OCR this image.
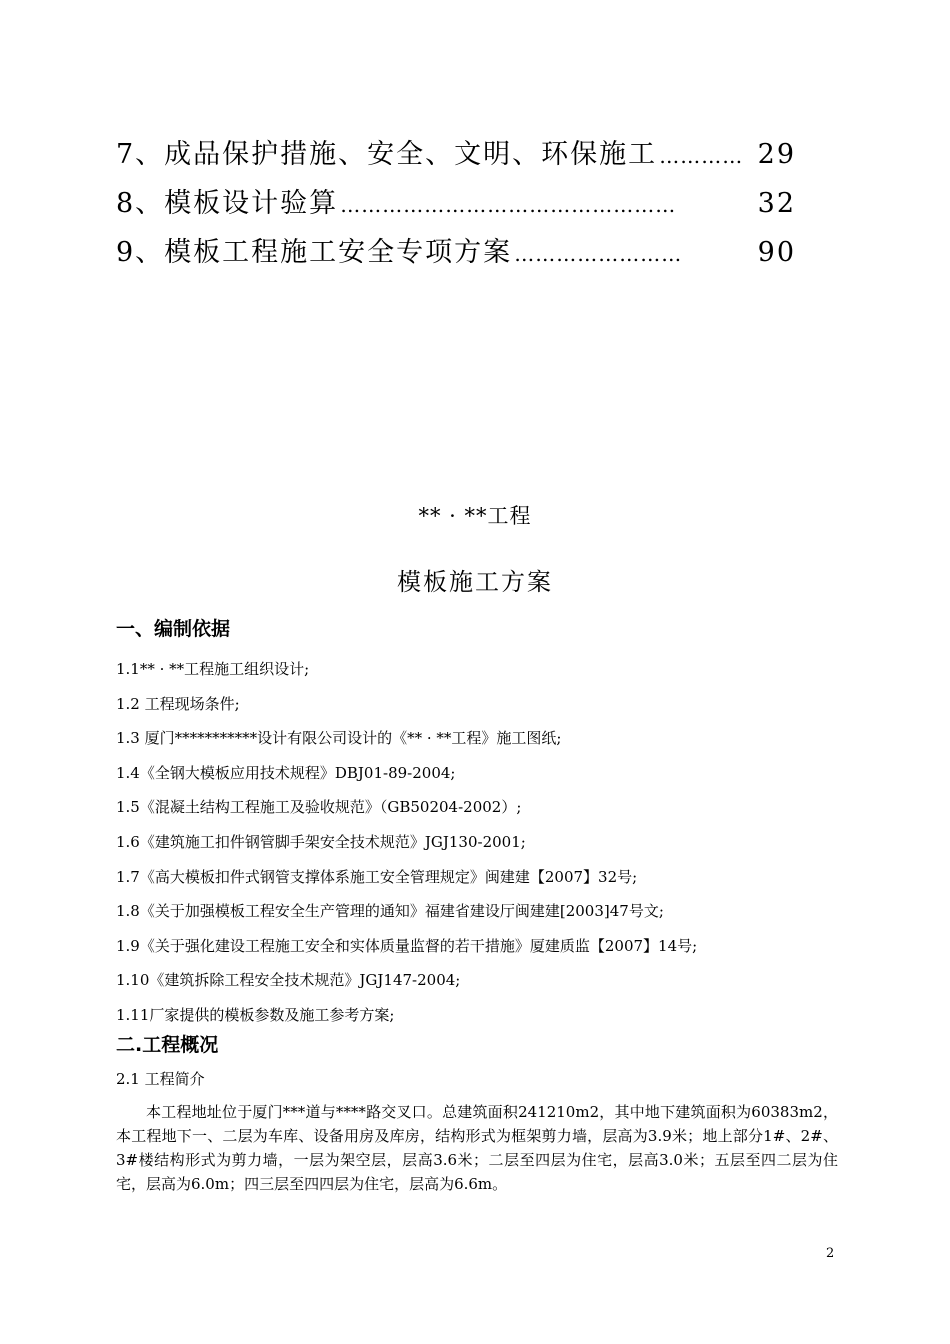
7、成品保护措施、安全、文明、环保施工 ………… 29
8、模板设计验算 …………………………………………	32
9、模板工程施工安全专项方案 ……………………	90
** · **工程
模板施工方案
一、编制依据
1.1** · **工程施工组织设计;
1.2 工程现场条件;
1.3 厦门***********设计有限公司设计的《** · **工程》施工图纸;
1.4《全钢大模板应用技术规程》DBJ01-89-2004;
1.5《混凝土结构工程施工及验收规范》（GB50204-2002）;
1.6《建筑施工扣件钢管脚手架安全技术规范》JGJ130-2001;
1.7《高大模板扣件式钢管支撑体系施工安全管理规定》闽建建【2007】32号;
1.8《关于加强模板工程安全生产管理的通知》福建省建设厅闽建建[2003]47号文;
1.9《关于强化建设工程施工安全和实体质量监督的若干措施》厦建质监【2007】14号;
1.10《建筑拆除工程安全技术规范》JGJ147-2004;
1.11厂家提供的模板参数及施工参考方案;
二.工程概况
2.1 工程简介

本工程地址位于厦门***道与****路交叉口。总建筑面积241210m2，其中地下建筑面积为60383m2，本工程地下一、二层为车库、设备用房及库房，结构形式为框架剪力墙，层高为3.9米；地上部分1#、2#、3#楼结构形式为剪力墙，一层为架空层，层高3.6米；二层至四层为住宅，层高3.0米；五层至四二层为住宅，层高为6.0m；四三层至四四层为住宅，层高为6.6m。

2
